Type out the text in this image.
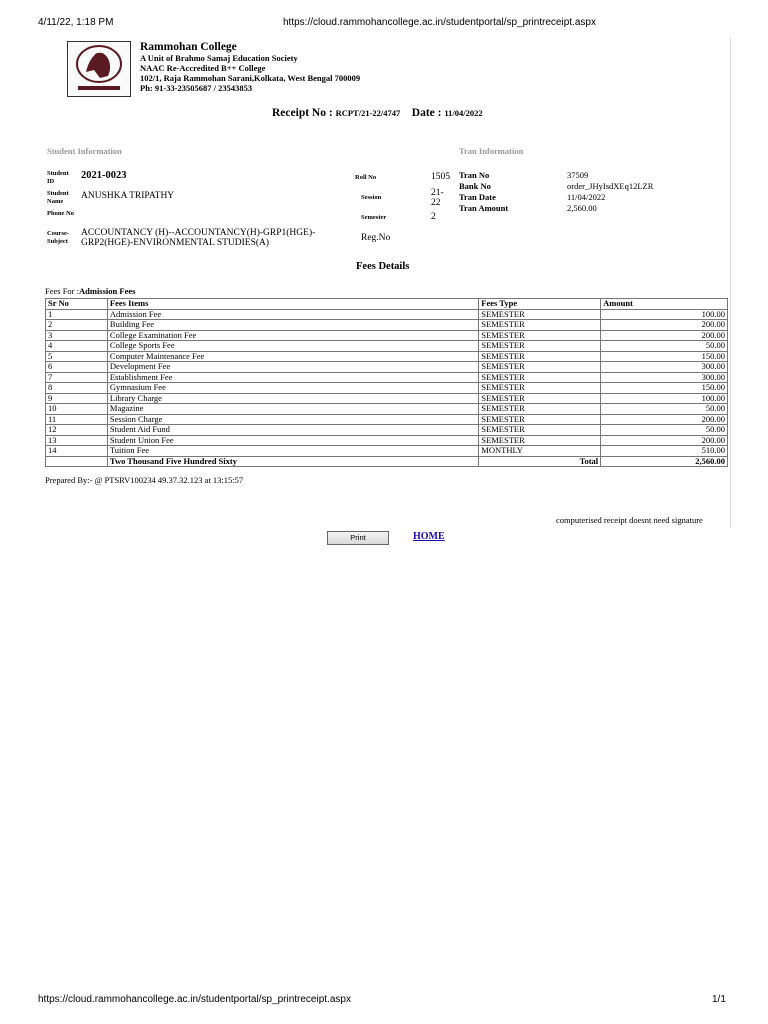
4/11/22, 1:18 PM	https://cloud.rammohancollege.ac.in/studentportal/sp_printreceipt.aspx
https://cloud.rammohancollege.ac.in/studentportal/sp_printreceipt.aspx	1/1
Rammohan College
A Unit of Brahmo Samaj Education Society
NAAC Re-Accredited B++ College
102/1, Raja Rammohan Sarani,Kolkata, West Bengal 700009
Ph: 91-33-23505687 / 23543853
Receipt No : RCPT/21-22/4747 Date : 11/04/2022
Student Information	Tran Information
Student ID
2021-0023
Student Name
ANUSHKA TRIPATHY
Phone No
Course-Subject
ACCOUNTANCY (H)--ACCOUNTANCY(H)-GRP1(HGE)-GRP2(HGE)-ENVIRONMENTAL STUDIES(A)
Roll No	1505
Session	21-22
Semester	2
Reg.No
Tran No	37509
Bank No	order_JHyIsdXEq12LZR
Tran Date	11/04/2022
Tran Amount	2,560.00
Fees Details
Fees For :Admission Fees
Sr No	Fees Items	Fees Type	Amount
1	Admission Fee	SEMESTER	100.00
2	Building Fee	SEMESTER	200.00
3	College Examination Fee	SEMESTER	200.00
4	College Sports Fee	SEMESTER	50.00
5	Computer Maintenance Fee	SEMESTER	150.00
6	Development Fee	SEMESTER	300.00
7	Establishment Fee	SEMESTER	300.00
8	Gymnasium Fee	SEMESTER	150.00
9	Library Charge	SEMESTER	100.00
10	Magazine	SEMESTER	50.00
11	Session Charge	SEMESTER	200.00
12	Student Aid Fund	SEMESTER	50.00
13	Student Union Fee	SEMESTER	200.00
14	Tuition Fee	MONTHLY	510.00
	Two Thousand Five Hundred Sixty	Total	2,560.00
Prepared By:- @ PTSRV100234 49.37.32.123 at 13:15:57
computerised receipt doesnt need signature
Print	HOME
